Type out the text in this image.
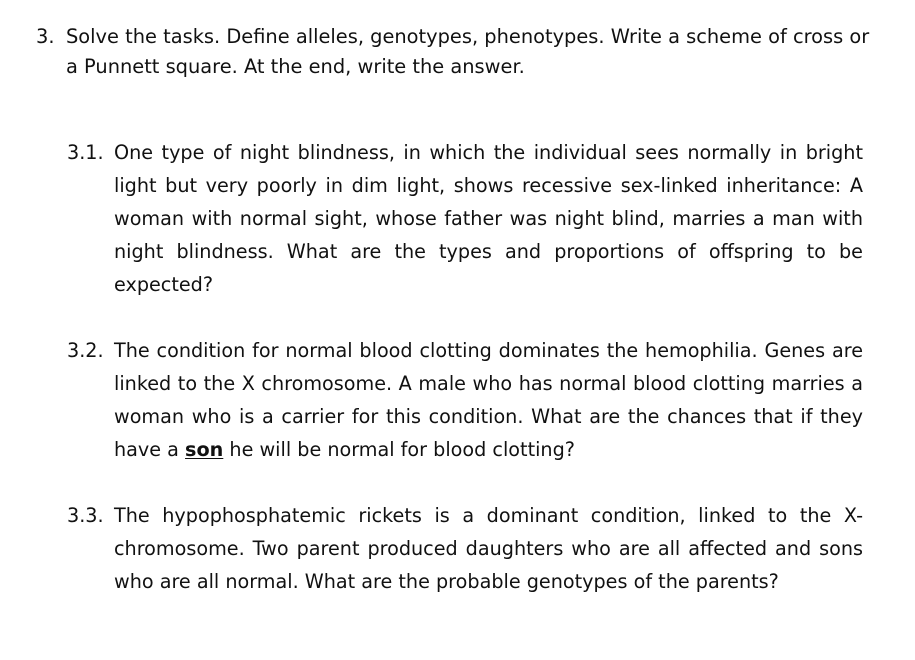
3. Solve the tasks. Define alleles, genotypes, phenotypes. Write a scheme of cross or a Punnett square. At the end, write the answer.
3.1. One type of night blindness, in which the individual sees normally in bright light but very poorly in dim light, shows recessive sex-linked inheritance: A woman with normal sight, whose father was night blind, marries a man with night blindness. What are the types and proportions of offspring to be expected?
3.2. The condition for normal blood clotting dominates the hemophilia. Genes are linked to the X chromosome. A male who has normal blood clotting marries a woman who is a carrier for this condition. What are the chances that if they have a son he will be normal for blood clotting?
3.3. The hypophosphatemic rickets is a dominant condition, linked to the X-chromosome. Two parent produced daughters who are all affected and sons who are all normal. What are the probable genotypes of the parents?
